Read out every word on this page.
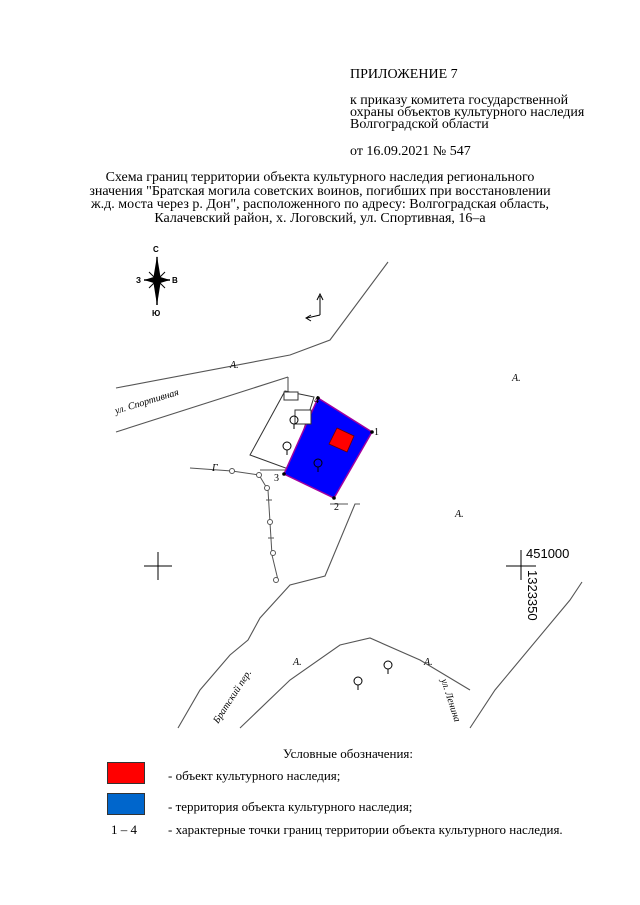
ПРИЛОЖЕНИЕ 7
к приказу комитета государственной
охраны объектов культурного наследия
Волгоградской области
от 16.09.2021 № 547
Схема границ территории объекта культурного наследия регионального
значения "Братская могила советских воинов, погибших при восстановлении
ж.д. моста через р. Дон", расположенного по адресу: Волгоградская область,
Калачевский район, х. Логовский, ул. Спортивная, 16–а
С
Ю
З	В
1
2
3
4
Г
А.
А.
А.
А.	А.
ул. Спортивная
ул. Ленина
Братский пер.
451000
1323350
Условные обозначения:
- объект культурного наследия;
- территория объекта культурного наследия;
1 – 4 - характерные точки границ территории объекта культурного наследия.
